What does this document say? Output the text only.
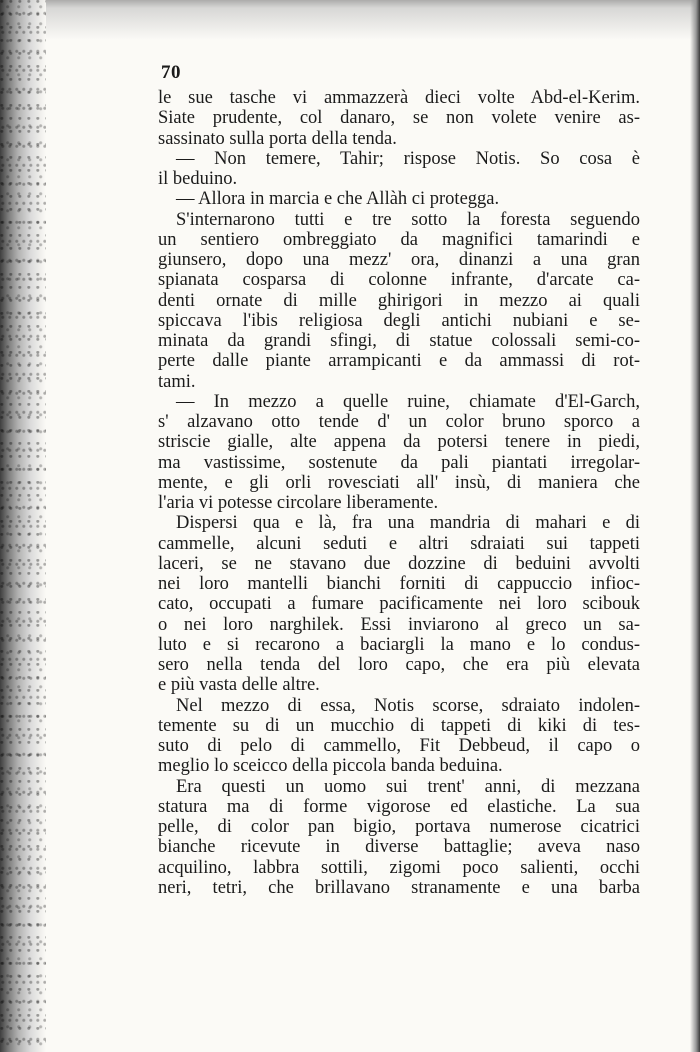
70
le sue tasche vi ammazzerà dieci volte Abd-el-Kerim.
Siate prudente, col danaro, se non volete venire as-
sassinato sulla porta della tenda.
— Non temere, Tahir; rispose Notis. So cosa è
il beduino.
— Allora in marcia e che Allàh ci protegga.
S'internarono tutti e tre sotto la foresta seguendo
un sentiero ombreggiato da magnifici tamarindi e
giunsero, dopo una mezz' ora, dinanzi a una gran
spianata cosparsa di colonne infrante, d'arcate ca-
denti ornate di mille ghirigori in mezzo ai quali
spiccava l'ibis religiosa degli antichi nubiani e se-
minata da grandi sfingi, di statue colossali semi-co-
perte dalle piante arrampicanti e da ammassi di rot-
tami.
— In mezzo a quelle ruine, chiamate d'El-Garch,
s' alzavano otto tende d' un color bruno sporco a
striscie gialle, alte appena da potersi tenere in piedi,
ma vastissime, sostenute da pali piantati irregolar-
mente, e gli orli rovesciati all' insù, di maniera che
l'aria vi potesse circolare liberamente.
Dispersi qua e là, fra una mandria di mahari e di
cammelle, alcuni seduti e altri sdraiati sui tappeti
laceri, se ne stavano due dozzine di beduini avvolti
nei loro mantelli bianchi forniti di cappuccio infioc-
cato, occupati a fumare pacificamente nei loro scibouk
o nei loro narghilek. Essi inviarono al greco un sa-
luto e si recarono a baciargli la mano e lo condus-
sero nella tenda del loro capo, che era più elevata
e più vasta delle altre.
Nel mezzo di essa, Notis scorse, sdraiato indolen-
temente su di un mucchio di tappeti di kiki di tes-
suto di pelo di cammello, Fit Debbeud, il capo o
meglio lo sceicco della piccola banda beduina.
Era questi un uomo sui trent' anni, di mezzana
statura ma di forme vigorose ed elastiche. La sua
pelle, di color pan bigio, portava numerose cicatrici
bianche ricevute in diverse battaglie; aveva naso
acquilino, labbra sottili, zigomi poco salienti, occhi
neri, tetri, che brillavano stranamente e una barba
